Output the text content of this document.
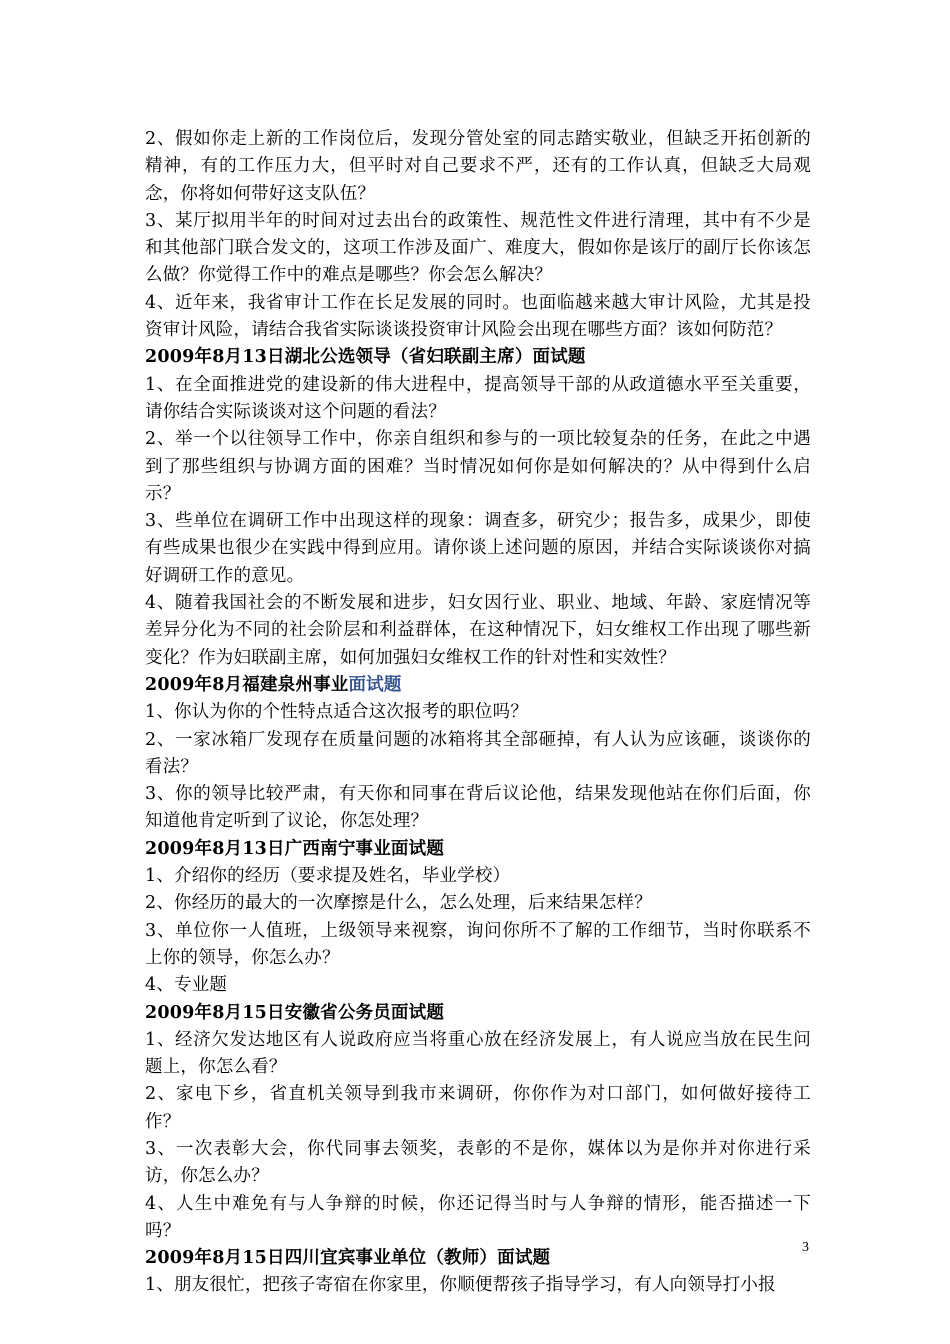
2、假如你走上新的工作岗位后，发现分管处室的同志踏实敬业，但缺乏开拓创新的精神，有的工作压力大，但平时对自己要求不严，还有的工作认真，但缺乏大局观念，你将如何带好这支队伍？

3、某厅拟用半年的时间对过去出台的政策性、规范性文件进行清理，其中有不少是和其他部门联合发文的，这项工作涉及面广、难度大，假如你是该厅的副厅长你该怎么做？你觉得工作中的难点是哪些？你会怎么解决？

4、近年来，我省审计工作在长足发展的同时。也面临越来越大审计风险，尤其是投资审计风险，请结合我省实际谈谈投资审计风险会出现在哪些方面？该如何防范？

2009年8月13日湖北公选领导（省妇联副主席）面试题

1、在全面推进党的建设新的伟大进程中，提高领导干部的从政道德水平至关重要，请你结合实际谈谈对这个问题的看法？

2、举一个以往领导工作中，你亲自组织和参与的一项比较复杂的任务，在此之中遇到了那些组织与协调方面的困难？当时情况如何你是如何解决的？从中得到什么启示？

3、些单位在调研工作中出现这样的现象：调查多，研究少；报告多，成果少，即使有些成果也很少在实践中得到应用。请你谈上述问题的原因，并结合实际谈谈你对搞好调研工作的意见。

4、随着我国社会的不断发展和进步，妇女因行业、职业、地域、年龄、家庭情况等差异分化为不同的社会阶层和利益群体，在这种情况下，妇女维权工作出现了哪些新变化？作为妇联副主席，如何加强妇女维权工作的针对性和实效性？

2009年8月福建泉州事业面试题

1、你认为你的个性特点适合这次报考的职位吗？

2、一家冰箱厂发现存在质量问题的冰箱将其全部砸掉，有人认为应该砸，谈谈你的看法？

3、你的领导比较严肃，有天你和同事在背后议论他，结果发现他站在你们后面，你知道他肯定听到了议论，你怎处理？

2009年8月13日广西南宁事业面试题

1、介绍你的经历（要求提及姓名，毕业学校）

2、你经历的最大的一次摩擦是什么，怎么处理，后来结果怎样？

3、单位你一人值班，上级领导来视察，询问你所不了解的工作细节，当时你联系不上你的领导，你怎么办？

4、专业题

2009年8月15日安徽省公务员面试题

1、经济欠发达地区有人说政府应当将重心放在经济发展上，有人说应当放在民生问题上，你怎么看？

2、家电下乡，省直机关领导到我市来调研，你你作为对口部门，如何做好接待工作？

3、一次表彰大会，你代同事去领奖，表彰的不是你，媒体以为是你并对你进行采访，你怎么办？

4、人生中难免有与人争辩的时候，你还记得当时与人争辩的情形，能否描述一下吗？

2009年8月15日四川宜宾事业单位（教师）面试题

1、朋友很忙，把孩子寄宿在你家里，你顺便帮孩子指导学习，有人向领导打小报

3
